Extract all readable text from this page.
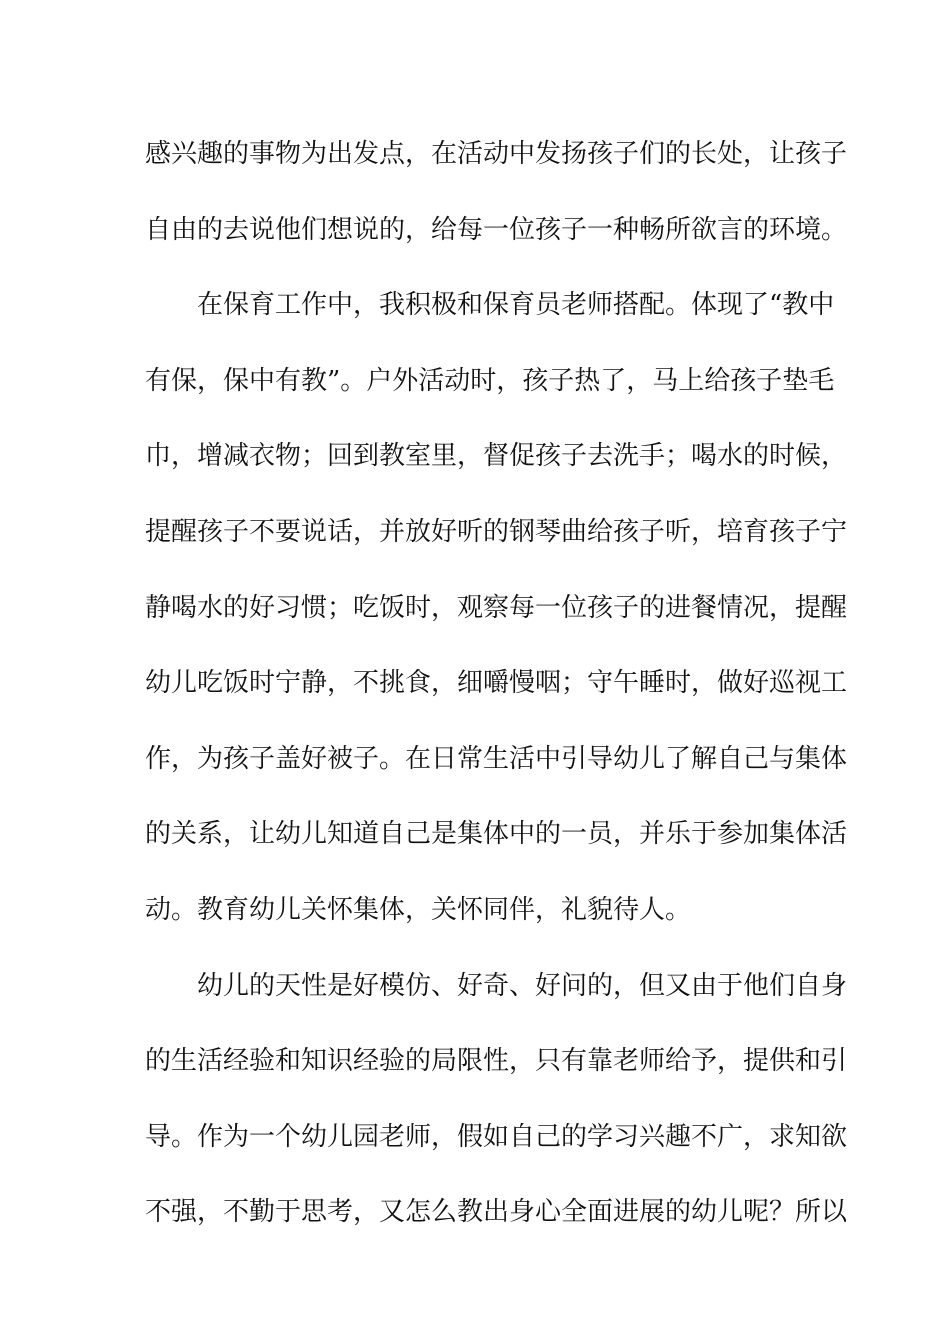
感兴趣的事物为出发点，在活动中发扬孩子们的长处，让孩子
自由的去说他们想说的，给每一位孩子一种畅所欲言的环境。
在保育工作中，我积极和保育员老师搭配。体现了“教中
有保，保中有教”。户外活动时，孩子热了，马上给孩子垫毛
巾，增减衣物；回到教室里，督促孩子去洗手；喝水的时候，
提醒孩子不要说话，并放好听的钢琴曲给孩子听，培育孩子宁
静喝水的好习惯；吃饭时，观察每一位孩子的进餐情况，提醒
幼儿吃饭时宁静，不挑食，细嚼慢咽；守午睡时，做好巡视工
作，为孩子盖好被子。在日常生活中引导幼儿了解自己与集体
的关系，让幼儿知道自己是集体中的一员，并乐于参加集体活
动。教育幼儿关怀集体，关怀同伴，礼貌待人。
幼儿的天性是好模仿、好奇、好问的，但又由于他们自身
的生活经验和知识经验的局限性，只有靠老师给予，提供和引
导。作为一个幼儿园老师，假如自己的学习兴趣不广，求知欲
不强，不勤于思考，又怎么教出身心全面进展的幼儿呢？所以
